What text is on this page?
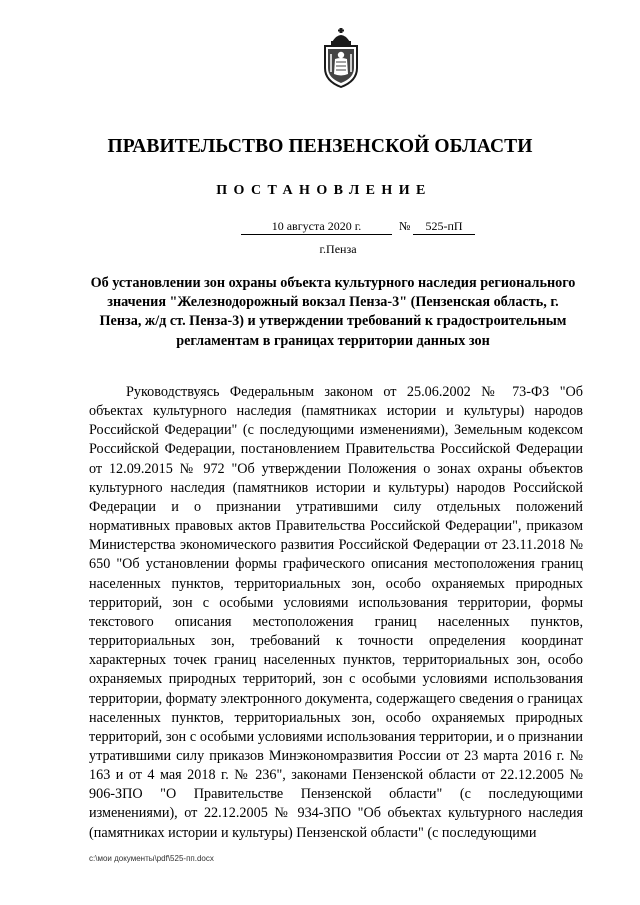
ПРАВИТЕЛЬСТВО ПЕНЗЕНСКОЙ ОБЛАСТИ
ПОСТАНОВЛЕНИЕ
10 августа 2020 г.	№	525-пП
г.Пенза
Об установлении зон охраны объекта культурного наследия регионального значения "Железнодорожный вокзал Пенза-3" (Пензенская область, г. Пенза, ж/д ст. Пенза-3) и утверждении требований к градостроительным регламентам в границах территории данных зон

Руководствуясь Федеральным законом от 25.06.2002 № 73-ФЗ "Об объектах культурного наследия (памятниках истории и культуры) народов Российской Федерации" (с последующими изменениями), Земельным кодексом Российской Федерации, постановлением Правительства Российской Федерации от 12.09.2015 № 972 "Об утверждении Положения о зонах охраны объектов культурного наследия (памятников истории и культуры) народов Российской Федерации и о признании утратившими силу отдельных положений нормативных правовых актов Правительства Российской Федерации", приказом Министерства экономического развития Российской Федерации от 23.11.2018 № 650 "Об установлении формы графического описания местоположения границ населенных пунктов, территориальных зон, особо охраняемых природных территорий, зон с особыми условиями использования территории, формы текстового описания местоположения границ населенных пунктов, территориальных зон, требований к точности определения координат характерных точек границ населенных пунктов, территориальных зон, особо охраняемых природных территорий, зон с особыми условиями использования территории, формату электронного документа, содержащего сведения о границах населенных пунктов, территориальных зон, особо охраняемых природных территорий, зон с особыми условиями использования территории, и о признании утратившими силу приказов Минэкономразвития России от 23 марта 2016 г. № 163 и от 4 мая 2018 г. № 236", законами Пензенской области от 22.12.2005 № 906-ЗПО "О Правительстве Пензенской области" (с последующими изменениями), от 22.12.2005 № 934-ЗПО "Об объектах культурного наследия (памятниках истории и культуры) Пензенской области" (с последующими

c:\мои документы\pdf\525-пп.docx
